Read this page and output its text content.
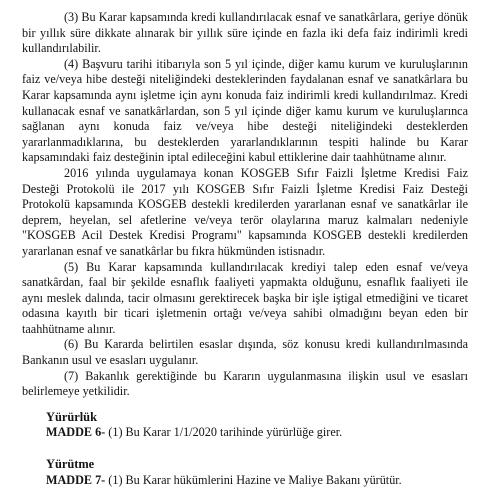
(3) Bu Karar kapsamında kredi kullandırılacak esnaf ve sanatkârlara, geriye dönük bir yıllık süre dikkate alınarak bir yıllık süre içinde en fazla iki defa faiz indirimli kredi kullandırılabilir.

(4) Başvuru tarihi itibarıyla son 5 yıl içinde, diğer kamu kurum ve kuruluşlarının faiz ve/veya hibe desteği niteliğindeki desteklerinden faydalanan esnaf ve sanatkârlara bu Karar kapsamında aynı işletme için aynı konuda faiz indirimli kredi kullandırılmaz. Kredi kullanacak esnaf ve sanatkârlardan, son 5 yıl içinde diğer kamu kurum ve kuruluşlarınca sağlanan aynı konuda faiz ve/veya hibe desteği niteliğindeki desteklerden yararlanmadıklarına, bu desteklerden yararlandıklarının tespiti halinde bu Karar kapsamındaki faiz desteğinin iptal edileceğini kabul ettiklerine dair taahhütname alınır.

2016 yılında uygulamaya konan KOSGEB Sıfır Faizli İşletme Kredisi Faiz Desteği Protokolü ile 2017 yılı KOSGEB Sıfır Faizli İşletme Kredisi Faiz Desteği Protokolü kapsamında KOSGEB destekli kredilerden yararlanan esnaf ve sanatkârlar ile deprem, heyelan, sel afetlerine ve/veya terör olaylarına maruz kalmaları nedeniyle "KOSGEB Acil Destek Kredisi Programı" kapsamında KOSGEB destekli kredilerden yararlanan esnaf ve sanatkârlar bu fıkra hükmünden istisnadır.

(5) Bu Karar kapsamında kullandırılacak krediyi talep eden esnaf ve/veya sanatkârdan, faal bir şekilde esnaflık faaliyeti yapmakta olduğunu, esnaflık faaliyeti ile aynı meslek dalında, tacir olmasını gerektirecek başka bir işle iştigal etmediğini ve ticaret odasına kayıtlı bir ticari işletmenin ortağı ve/veya sahibi olmadığını beyan eden bir taahhütname alınır.

(6) Bu Kararda belirtilen esaslar dışında, söz konusu kredi kullandırılmasında Bankanın usul ve esasları uygulanır.

(7) Bakanlık gerektiğinde bu Kararın uygulanmasına ilişkin usul ve esasları belirlemeye yetkilidir.

Yürürlük

MADDE 6- (1) Bu Karar 1/1/2020 tarihinde yürürlüğe girer.

Yürütme

MADDE 7- (1) Bu Karar hükümlerini Hazine ve Maliye Bakanı yürütür.
